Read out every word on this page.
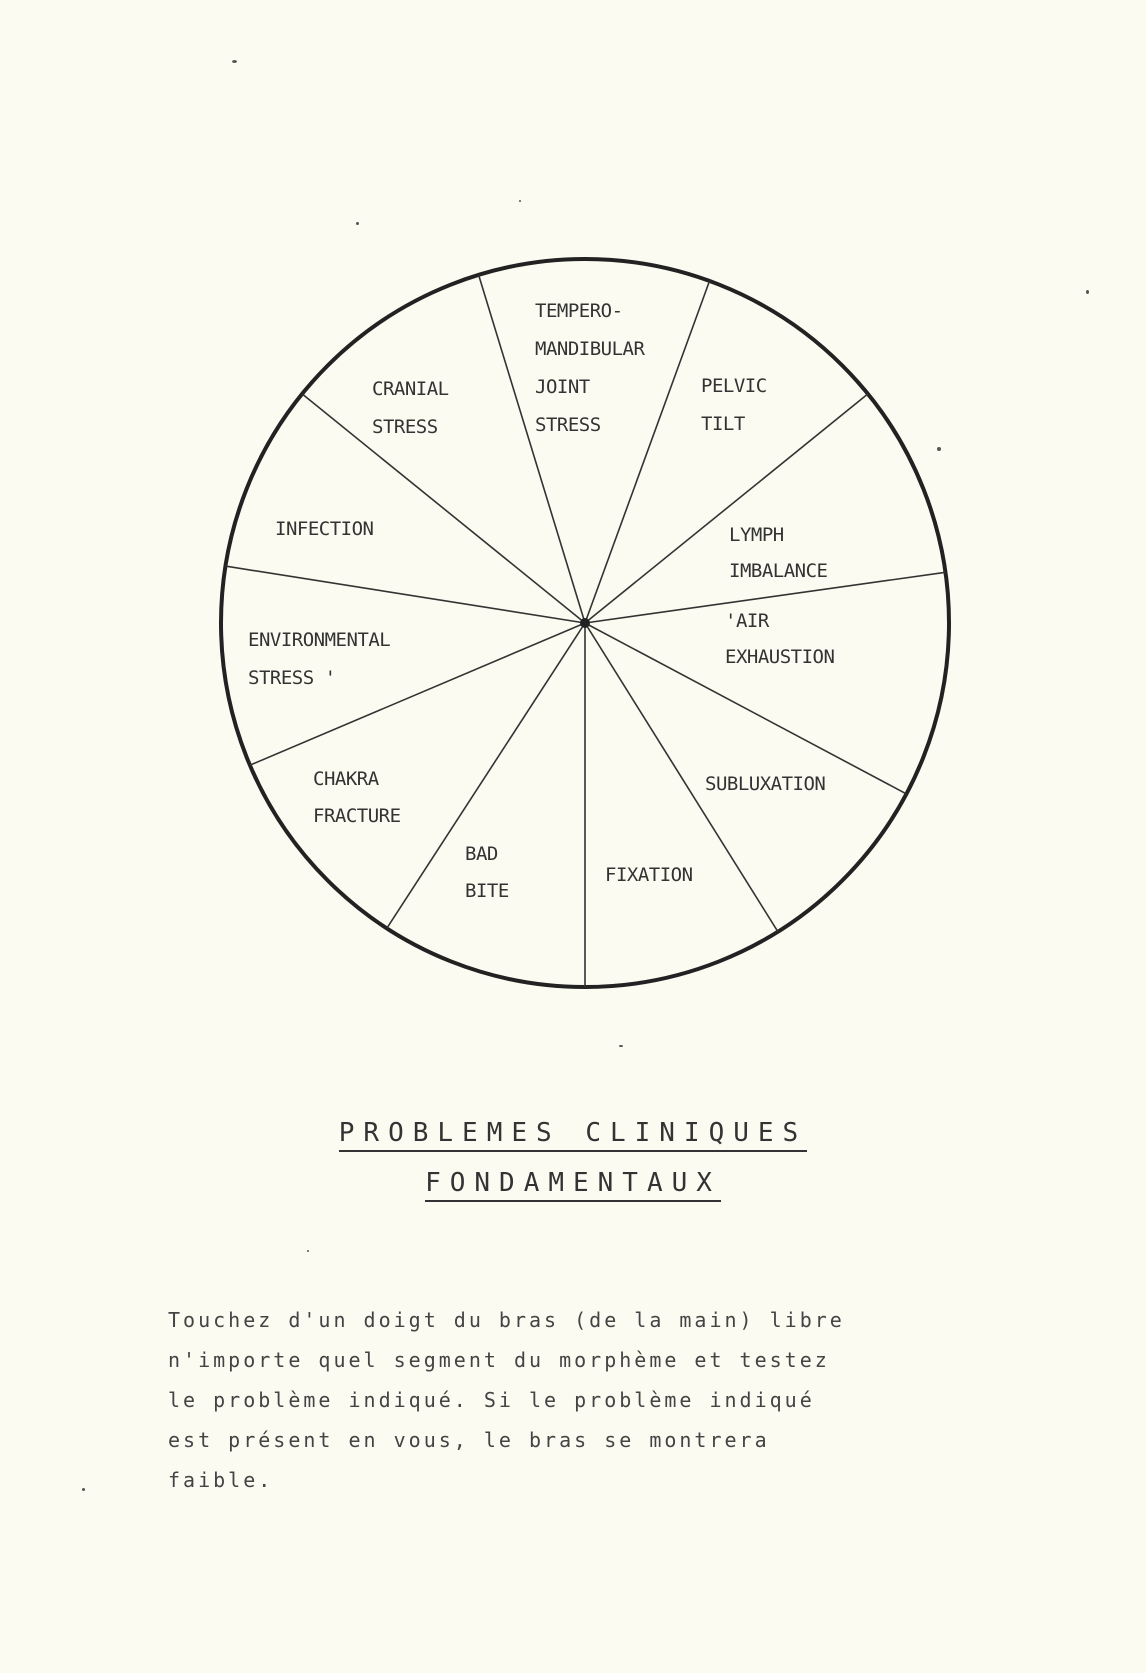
TEMPERO-MANDIBULAR JOINT STRESS
PELVIC TILT
LYMPH IMBALANCE
'AIR EXHAUSTION
SUBLUXATION
FIXATION
BAD BITE
CHAKRA FRACTURE
ENVIRONMENTAL STRESS '
INFECTION
CRANIAL STRESS
PROBLEMES CLINIQUES
FONDAMENTAUX
Touchez d'un doigt du bras (de la main) libre
n'importe quel segment du morphème et testez
le problème indiqué. Si le problème indiqué
est présent en vous, le bras se montrera
faible.
